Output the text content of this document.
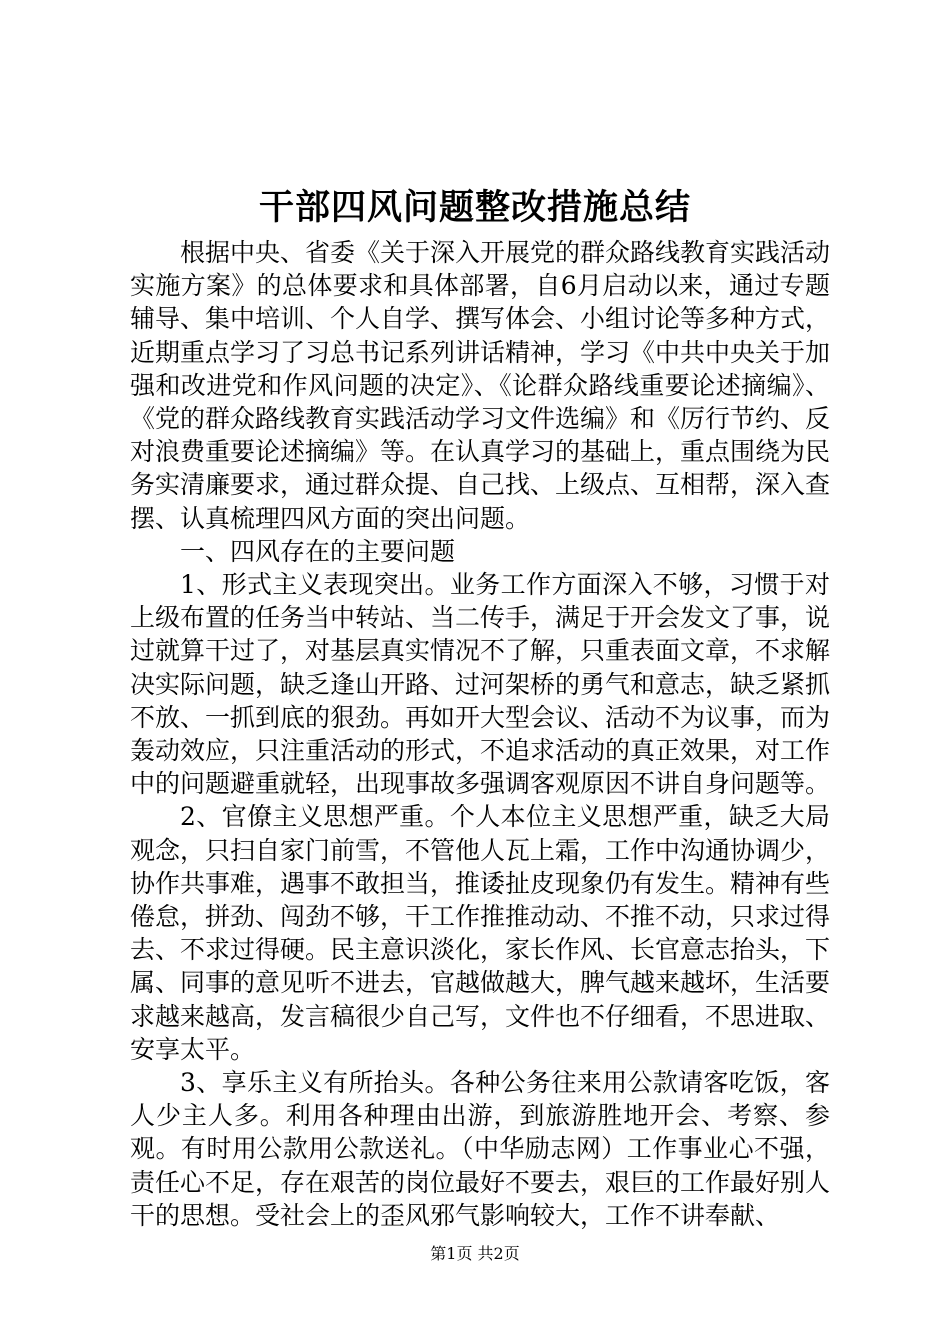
干部四风问题整改措施总结

根据中央、省委《关于深入开展党的群众路线教育实践活动实施方案》的总体要求和具体部署，自6月启动以来，通过专题辅导、集中培训、个人自学、撰写体会、小组讨论等多种方式，近期重点学习了习总书记系列讲话精神，学习《中共中央关于加强和改进党和作风问题的决定》、《论群众路线重要论述摘编》、《党的群众路线教育实践活动学习文件选编》和《厉行节约、反对浪费重要论述摘编》等。在认真学习的基础上，重点围绕为民务实清廉要求，通过群众提、自己找、上级点、互相帮，深入查摆、认真梳理四风方面的突出问题。

一、四风存在的主要问题

1、形式主义表现突出。业务工作方面深入不够，习惯于对上级布置的任务当中转站、当二传手，满足于开会发文了事，说过就算干过了，对基层真实情况不了解，只重表面文章，不求解决实际问题，缺乏逢山开路、过河架桥的勇气和意志，缺乏紧抓不放、一抓到底的狠劲。再如开大型会议、活动不为议事，而为轰动效应，只注重活动的形式，不追求活动的真正效果，对工作中的问题避重就轻，出现事故多强调客观原因不讲自身问题等。

2、官僚主义思想严重。个人本位主义思想严重，缺乏大局观念，只扫自家门前雪，不管他人瓦上霜，工作中沟通协调少，协作共事难，遇事不敢担当，推诿扯皮现象仍有发生。精神有些倦怠，拼劲、闯劲不够，干工作推推动动、不推不动，只求过得去、不求过得硬。民主意识淡化，家长作风、长官意志抬头，下属、同事的意见听不进去，官越做越大，脾气越来越坏，生活要求越来越高，发言稿很少自己写，文件也不仔细看，不思进取、安享太平。

3、享乐主义有所抬头。各种公务往来用公款请客吃饭，客人少主人多。利用各种理由出游，到旅游胜地开会、考察、参观。有时用公款用公款送礼。（中华励志网）工作事业心不强，责任心不足，存在艰苦的岗位最好不要去，艰巨的工作最好别人干的思想。受社会上的歪风邪气影响较大，工作不讲奉献、

第1页 共2页
